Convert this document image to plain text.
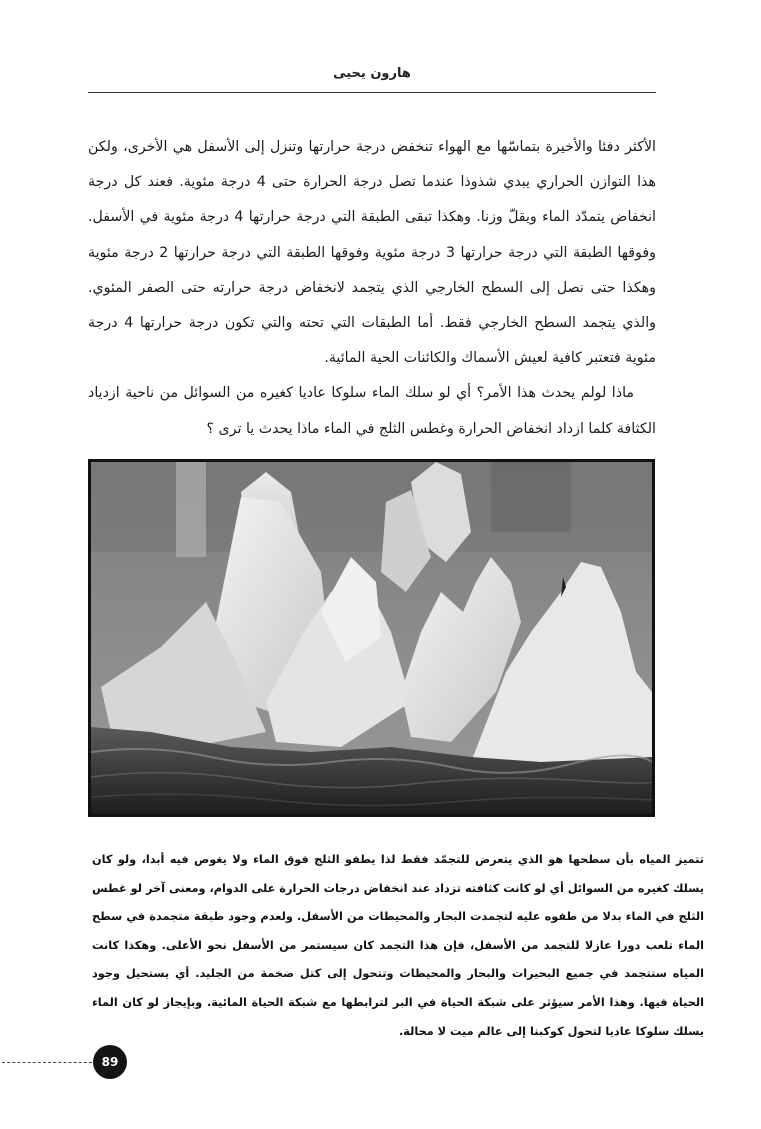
هارون يحيى

الأكثر دفئا والأخيرة بتماسّها مع الهواء تنخفض درجة حرارتها وتنزل إلى الأسفل هي الأخرى، ولكن هذا التوازن الحراري يبدي شذوذا عندما تصل درجة الحرارة حتى 4 درجة مئوية. فعند كل درجة انخفاض يتمدّد الماء ويقلّ وزنا. وهكذا تبقى الطبقة التي درجة حرارتها 4 درجة مئوية في الأسفل. وفوقها الطبقة التي درجة حرارتها 3 درجة مئوية وفوقها الطبقة التي درجة حرارتها 2 درجة مئوية وهكذا حتى نصل إلى السطح الخارجي الذي يتجمد لانخفاض درجة حرارته حتى الصفر المئوي. والذي يتجمد السطح الخارجي فقط. أما الطبقات التي تحته والتي تكون درجة حرارتها 4 درجة مئوية فتعتبر كافية لعيش الأسماك والكائنات الحية المائية.

ماذا لولم يحدث هذا الأمر؟ أي لو سلك الماء سلوكا عاديا كغيره من السوائل من ناحية ازدياد الكثافة كلما ازداد انخفاض الحرارة وغطس الثلج في الماء ماذا يحدث يا ترى ؟

تتميز المياه بأن سطحها هو الذي يتعرض للتجمّد فقط لذا يطفو الثلج فوق الماء ولا يغوص فيه أبدا، ولو كان يسلك كغيره من السوائل أي لو كانت كثافته تزداد عند انخفاض درجات الحرارة على الدوام، ومعنى آخر لو غطس الثلج في الماء بدلا من طفوه عليه لتجمدت البحار والمحيطات من الأسفل. ولعدم وجود طبقة متجمدة في سطح الماء تلعب دورا عازلا للتجمد من الأسفل، فإن هذا التجمد كان سيستمر من الأسفل نحو الأعلى. وهكذا كانت المياه ستتجمد في جميع البحيرات والبحار والمحيطات وتتحول إلى كتل ضخمة من الجليد. أي يستحيل وجود الحياة فيها. وهذا الأمر سيؤثر على شبكة الحياة في البر لترابطها مع شبكة الحياة المائية. وبإيجاز لو كان الماء يسلك سلوكا عاديا لتحول كوكبنا إلى عالم ميت لا محالة.
89
